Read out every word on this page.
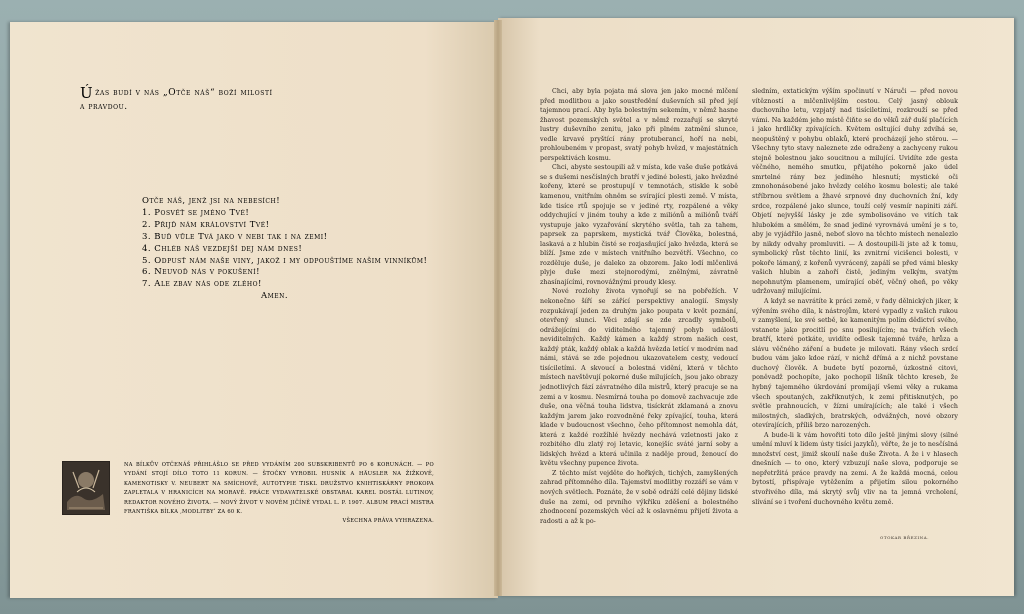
Úžas budí v nás „Otče náš“ boží milostí a pravdou.
Otče náš, jenž jsi na nebesích!
1. Posvěť se jméno Tvé!
2. Přijď nám království Tvé!
3. Buď vůle Tvá jako v nebi tak i na zemi!
4. Chléb náš vezdejší dej nám dnes!
5. Odpusť nám naše viny, jakož i my odpouštíme našim vinníkům!
6. Neuvoď nás v pokušení!
7. Ale zbav nás ode zlého!
Amen.
NA BÍLKŮV OTČENÁŠ PŘIHLÁŠLO SE PŘED VYDÁNÍM 200 SUBSKRIBENTŮ PO 6 KORUNÁCH. — PO VYDÁNÍ STOJÍ DÍLO TOTO 11 KORUN. — ŠTOČKY VYROBIL HUSNÍK A HÄUSLER NA ŽIŽKOVĚ, KAMENOTISKY V. NEUBERT NA SMÍCHOVĚ, AUTOTYPIE TISKL DRUŽSTVO KNIHTISKÁRNY PROKOPA ZAPLETALA V HRANICÍCH NA MORAVĚ. PRÁCE VYDAVATELSKÉ OBSTARAL KAREL DOSTÁL LUTINOV, REDAKTOR NOVÉHO ŽIVOTA. — NOVÝ ŽIVOT V NOVÉM JIČÍNĚ VYDAL L. P. 1907. ALBUM PRACÍ MISTRA FRANTIŠKA BÍLKA ‚MODLITBY‘ ZA 60 K.
VŠECHNA PRÁVA VYHRAZENA.

Chci, aby byla pojata má slova jen jako mocné mlčení před modlitbou a jako soustředění duševních sil před její tajemnou prací. Aby byla bolestným sekemím, v němž hasne žhavost pozemských světel a v němž rozzařují se skryté lustry duševního zenitu, jako při plném zatmění slunce, vedle krvavé pryštící rány protuberancí, hoří na nebi, prohloubeném v propast, svatý pohyb hvězd, v majestátních perspektivách kosmu.

Chci, abyste sestoupili až v místa, kde vaše duše potkává se s dušemi nesčíslných bratří v jediné bolesti, jako hvězdné kořeny, které se prostupují v temnotách, stiskle k sobě kamenou, vnitřním ohněm se svírající plesti země. V místa, kde tisíce rtů spojuje se v jediné rty, rozpálené a věky oddychující v jiném touhy a kde z miliónů a miliónů tváří vystupuje jako vyzařování skrytého světla, tah za tahem, paprsek za paprskem, mystická tvář Člověka, bolestná, laskavá a z hlubin čisté se rozjasňující jako hvězda, která se blíží. Jsme zde v místech vnitřního bezvětří. Všechno, co rozděluje duše, je daleko za obzorem. Jako lodí mlčenlivá plyje duše mezi stejnorodými, znělnými, závratně zhasínajícími, rovnovážnými proudy klesy.

Nové rozlohy života vynořují se na pobřežích. V nekonečno šíří se zářící perspektivy analogií. Smysly rozpukávají jeden za druhým jako poupata v květ poznání, otevřený slunci. Věci zdají se zde zrcadly symbolů, odrážejícími do viditelného tajemný pohyb události neviditelných. Každý kámen a každý strom našich cest, každý pták, každý oblak a každá hvězda letící v modrém nad námi, stává se zde pojednou ukazovatelem cesty, vedoucí tisíciletími. A skvoucí a bolestná vidění, která v těchto místech navštěvují pokorné duše milujících, jsou jako obrazy jednotlivých fází závratného díla mistrů, který pracuje se na zemi a v kosmu. Nesmírná touha po domově zachvacuje zde duše, ona věčná touha lidstva, tisíckrát zklamaná a znovu každým jarem jako rozvodněné řeky zpívající, touha, která klade v budoucnost všechno, čeho přítomnost nemohla dát, která z každé rozžíhlé hvězdy nechává vzletnosti jako z rozbitého dlu zlatý roj letavic, konejšíc sváté jarní soby a lidských hvězd a která učinila z naděje proud, ženoucí do květu všechny pupence života.

Z těchto míst vejděte do hořkých, tichých, zamyšlených zahrad přítomného díla. Tajemství modlitby rozzáří se vám v nových světlech. Poznáte, že v sobě odráží celé dějiny lidské duše na zemi, od prvního výkřiku zděšení a bolestného zhodnocení pozemských věcí až k oslavnému přijetí života a radosti a až k po-

sledním, extatickým výším spočinutí v Náruči — před novou vítězností a mlčenlivějším cestou. Celý jasný oblouk duchovního letu, vzpjatý nad tisíciletími, rozkrouží se před vámi. Na každém jeho místě čiňte se do věků zář duší plačících i jako hrdličky zpívajících. Květem osltující duhy zdvíhá se, neopuštěný v pohybu oblaků, které procházejí jeho stěrou. — Všechny tyto stavy naleznete zde odraženy a zachyceny rukou stejně bolestnou jako soucitnou a milující. Uvidíte zde gesta věčného, nemého smutku, přijatého pokorně jako údel smrtelné rány bez jediného hlesnutí; mystické oči zmnohonásobené jako hvězdy celého kosmu bolesti; ale také stříbrnou světlem a žhavé srpnové dny duchovních žní, kdy srdce, rozpálené jako slunce, touží celý vesmír napiniti září. Objetí nejvyšší lásky je zde symbolisováno ve vitích tak hlubokém a smělém, že snad jediné vyrovnává umění je s to, aby je vyjádřilo jasně, neboť slovo na těchto místech nenalezlo by nikdy odvahy promluviti. — A dostoupili-li jste až k tomu, symbolický růst těchto linií, ks zvnitrní vicišenci bolesti, v pokoře lámaný, z kořenů vyvrácený, zapálí se před vámi blesky vašich hlubin a zahoří čistě, jediným velkým, svatým nepohnutým plamenem, umírající oběť, věčný oheň, po věky udržovaný milujícími.

A když se navrátíte k práci země, v řady dělnických jiker, k výřením svého díla, k nástrojům, které vypadly z vašich rukou v zamyšlení, ke své setbě, ke kamenitým polím dědictví svého, vstanete jako procitlí po snu posilujícím; na tvářích všech bratří, které potkáte, uvidíte odlesk tajemné tváře, hrůza a slávu věčného záření a budete je milovati. Rány všech srdcí budou vám jako kdoe rází, v nichž dřímá a z nichž povstane duchový člověk. A budete bytí pozorně, úzkostně citovi, poněvadž pochopíte, jako pochopil lišník těchto kreseb, že hybný tajemného úkrdování promíjají všemi věky a rukama všech spoutaných, zakřiknutých, k zemi přitisknutých, po světle prahnoucích, v žízni umírajících; ale také i všech milostných, sladkých, bratrských, odvážných, nové obzory otevírajících, příliš brzo narozených.

A bude-li k vám hovořiti toto dílo ještě jinými slovy (silné umění mluví k lidem ústy tisíci jazyků), věřte, že je to nesčíslná množství cest, jimiž skoulí naše duše Života. A že i v hlasech dnešních — to ono, který vzbuzují naše slova, podporuje se nepřetržitá práce pravdy na zemi. A že každá mocná, celou bytostí, přispívaje vytěžením a přijetím silou pokorného stvořivého díla, má skrytý svůj vliv na ta jemná vrcholení, slívání se i tvoření duchovného květu země.

OTOKAR BŘEZINA.
